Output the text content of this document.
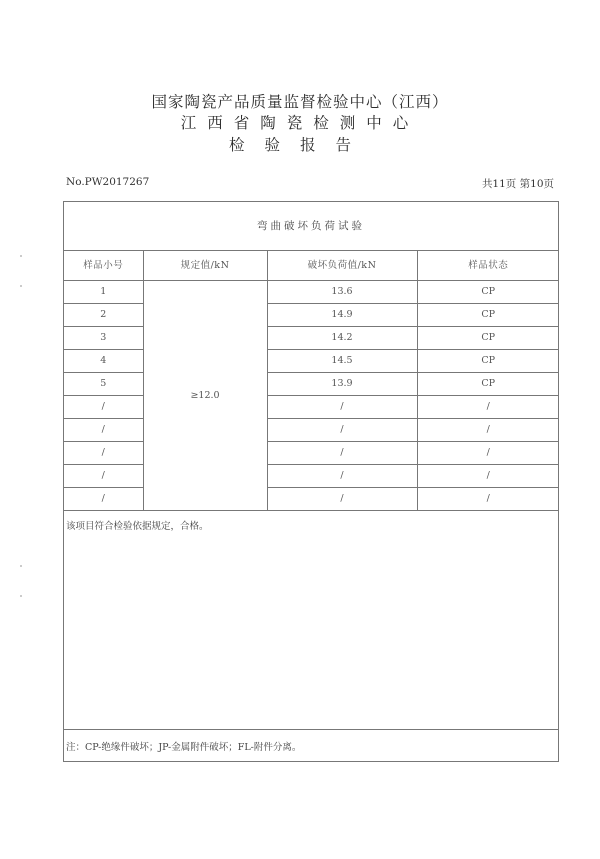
国家陶瓷产品质量监督检验中心（江西）
江西省陶瓷检测中心
检验报告
No.PW2017267	共11页 第10页
弯曲破坏负荷试验
样品小号	规定值/kN	破坏负荷值/kN	样品状态
1	≥12.0	13.6	CP
2		14.9	CP
3		14.2	CP
4		14.5	CP
5		13.9	CP
/		/	/
/		/	/
/		/	/
/		/	/
/		/	/
该项目符合检验依据规定，合格。
注：CP-绝缘件破坏；JP-金属附件破坏；FL-附件分离。
